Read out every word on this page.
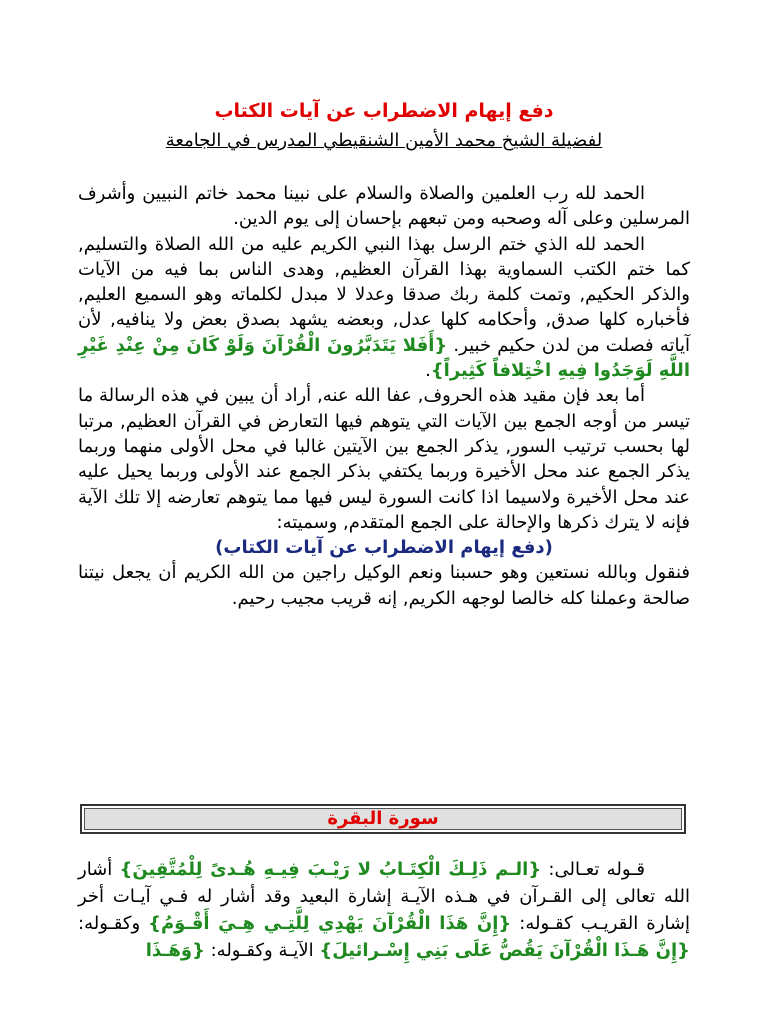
دفع إيهام الاضطراب عن آيات الكتاب
لفضيلة الشيخ محمد الأمين الشنقيطي المدرس في الجامعة

الحمد لله رب العلمين والصلاة والسلام على نبينا محمد خاتم النبيين وأشرف المرسلين وعلى آله وصحبه ومن تبعهم بإحسان إلى يوم الدين.

الحمد لله الذي ختم الرسل بهذا النبي الكريم عليه من الله الصلاة والتسليم, كما ختم الكتب السماوية بهذا القرآن العظيم, وهدى الناس بما فيه من الآيات والذكر الحكيم, وتمت كلمة ربك صدقا وعدلا لا مبدل لكلماته وهو السميع العليم, فأخباره كلها صدق, وأحكامه كلها عدل, وبعضه يشهد بصدق بعض ولا ينافيه, لأن آياته فصلت من لدن حكيم خبير. {أَفَلا يَتَدَبَّرُونَ الْقُرْآنَ وَلَوْ كَانَ مِنْ عِنْدِ غَيْرِ اللَّهِ لَوَجَدُوا فِيهِ اخْتِلافاً كَثِيراً}.

أما بعد فإن مقيد هذه الحروف, عفا الله عنه, أراد أن يبين في هذه الرسالة ما تيسر من أوجه الجمع بين الآيات التي يتوهم فيها التعارض في القرآن العظيم, مرتبا لها بحسب ترتيب السور, يذكر الجمع بين الآيتين غالبا في محل الأولى منهما وربما يذكر الجمع عند محل الأخيرة وربما يكتفي بذكر الجمع عند الأولى وربما يحيل عليه عند محل الأخيرة ولاسيما اذا كانت السورة ليس فيها مما يتوهم تعارضه إلا تلك الآية فإنه لا يترك ذكرها والإحالة على الجمع المتقدم, وسميته:

(دفع إيهام الاضطراب عن آيات الكتاب)

فنقول وبالله نستعين وهو حسبنا ونعم الوكيل راجين من الله الكريم أن يجعل نيتنا صالحة وعملنا كله خالصا لوجهه الكريم, إنه قريب مجيب رحيم.

سورة البقرة

قـوله تعـالى: {الـم ذَلِـكَ الْكِتَـابُ لا رَيْـبَ فِيـهِ هُـدىً لِلْمُتَّقِينَ} أشار الله تعالى إلى القـرآن في هـذه الآيـة إشارة البعيد وقد أشار له فـي آيـات أخر إشارة القريـب كقـوله: {إِنَّ هَذَا الْقُرْآنَ يَهْدِي لِلَّتِـي هِـيَ أَقْـوَمُ} وكقـوله: {إِنَّ هَـذَا الْقُرْآنَ يَقُصُّ عَلَى بَنِي إِسْـرائيلَ} الآيـة وكقـوله: {وَهَـذَا
